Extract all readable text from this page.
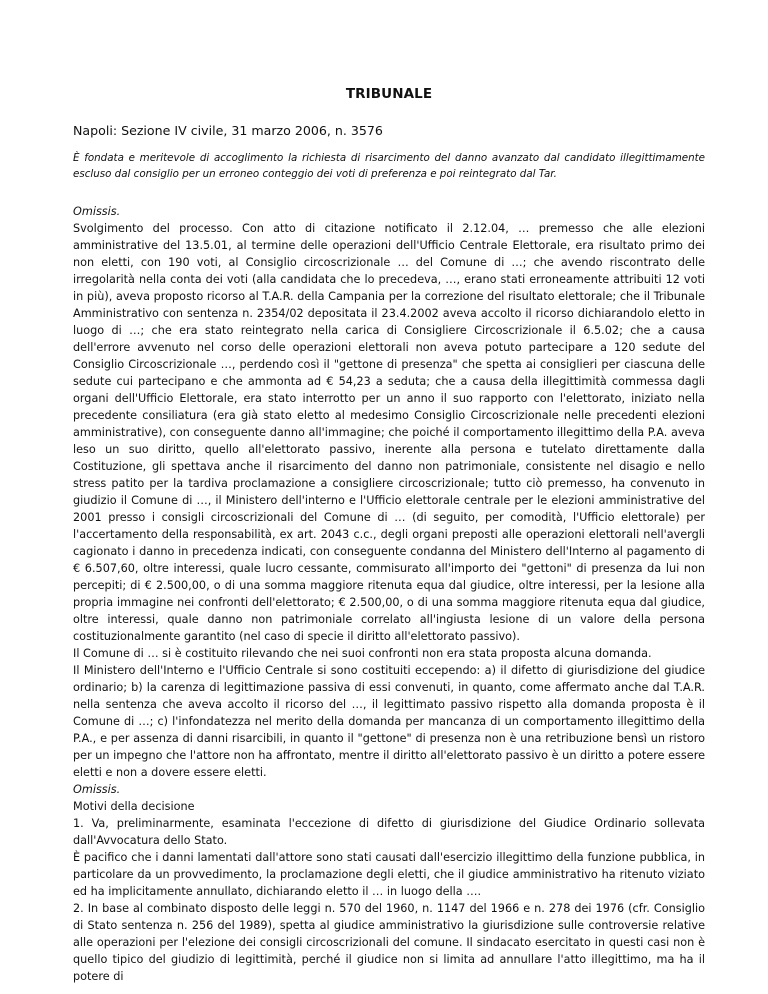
TRIBUNALE

Napoli: Sezione IV civile, 31 marzo 2006, n. 3576

È fondata e meritevole di accoglimento la richiesta di risarcimento del danno avanzato dal candidato illegittimamente escluso dal consiglio per un erroneo conteggio dei voti di preferenza e poi reintegrato dal Tar.

Omissis.

Svolgimento del processo. Con atto di citazione notificato il 2.12.04, … premesso che alle elezioni amministrative del 13.5.01, al termine delle operazioni dell'Ufficio Centrale Elettorale, era risultato primo dei non eletti, con 190 voti, al Consiglio circoscrizionale … del Comune di …; che avendo riscontrato delle irregolarità nella conta dei voti (alla candidata che lo precedeva, …, erano stati erroneamente attribuiti 12 voti in più), aveva proposto ricorso al T.A.R. della Campania per la correzione del risultato elettorale; che il Tribunale Amministrativo con sentenza n. 2354/02 depositata il 23.4.2002 aveva accolto il ricorso dichiarandolo eletto in luogo di …; che era stato reintegrato nella carica di Consigliere Circoscrizionale il 6.5.02; che a causa dell'errore avvenuto nel corso delle operazioni elettorali non aveva potuto partecipare a 120 sedute del Consiglio Circoscrizionale …, perdendo così il "gettone di presenza" che spetta ai consiglieri per ciascuna delle sedute cui partecipano e che ammonta ad € 54,23 a seduta; che a causa della illegittimità commessa dagli organi dell'Ufficio Elettorale, era stato interrotto per un anno il suo rapporto con l'elettorato, iniziato nella precedente consiliatura (era già stato eletto al medesimo Consiglio Circoscrizionale nelle precedenti elezioni amministrative), con conseguente danno all'immagine; che poiché il comportamento illegittimo della P.A. aveva leso un suo diritto, quello all'elettorato passivo, inerente alla persona e tutelato direttamente dalla Costituzione, gli spettava anche il risarcimento del danno non patrimoniale, consistente nel disagio e nello stress patito per la tardiva proclamazione a consigliere circoscrizionale; tutto ciò premesso, ha convenuto in giudizio il Comune di …, il Ministero dell'interno e l'Ufficio elettorale centrale per le elezioni amministrative del 2001 presso i consigli circoscrizionali del Comune di … (di seguito, per comodità, l'Ufficio elettorale) per l'accertamento della responsabilità, ex art. 2043 c.c., degli organi preposti alle operazioni elettorali nell'avergli cagionato i danno in precedenza indicati, con conseguente condanna del Ministero dell'Interno al pagamento di € 6.507,60, oltre interessi, quale lucro cessante, commisurato all'importo dei "gettoni" di presenza da lui non percepiti; di € 2.500,00, o di una somma maggiore ritenuta equa dal giudice, oltre interessi, per la lesione alla propria immagine nei confronti dell'elettorato; € 2.500,00, o di una somma maggiore ritenuta equa dal giudice, oltre interessi, quale danno non patrimoniale correlato all'ingiusta lesione di un valore della persona costituzionalmente garantito (nel caso di specie il diritto all'elettorato passivo).

Il Comune di … si è costituito rilevando che nei suoi confronti non era stata proposta alcuna domanda.

Il Ministero dell'Interno e l'Ufficio Centrale si sono costituiti eccependo: a) il difetto di giurisdizione del giudice ordinario; b) la carenza di legittimazione passiva di essi convenuti, in quanto, come affermato anche dal T.A.R. nella sentenza che aveva accolto il ricorso del …, il legittimato passivo rispetto alla domanda proposta è il Comune di …; c) l'infondatezza nel merito della domanda per mancanza di un comportamento illegittimo della P.A., e per assenza di danni risarcibili, in quanto il "gettone" di presenza non è una retribuzione bensì un ristoro per un impegno che l'attore non ha affrontato, mentre il diritto all'elettorato passivo è un diritto a potere essere eletti e non a dovere essere eletti.

Omissis.

Motivi della decisione

1. Va, preliminarmente, esaminata l'eccezione di difetto di giurisdizione del Giudice Ordinario sollevata dall'Avvocatura dello Stato.

È pacifico che i danni lamentati dall'attore sono stati causati dall'esercizio illegittimo della funzione pubblica, in particolare da un provvedimento, la proclamazione degli eletti, che il giudice amministrativo ha ritenuto viziato ed ha implicitamente annullato, dichiarando eletto il … in luogo della ….

2. In base al combinato disposto delle leggi n. 570 del 1960, n. 1147 del 1966 e n. 278 dei 1976 (cfr. Consiglio di Stato sentenza n. 256 del 1989), spetta al giudice amministrativo la giurisdizione sulle controversie relative alle operazioni per l'elezione dei consigli circoscrizionali del comune. Il sindacato esercitato in questi casi non è quello tipico del giudizio di legittimità, perché il giudice non si limita ad annullare l'atto illegittimo, ma ha il potere di
